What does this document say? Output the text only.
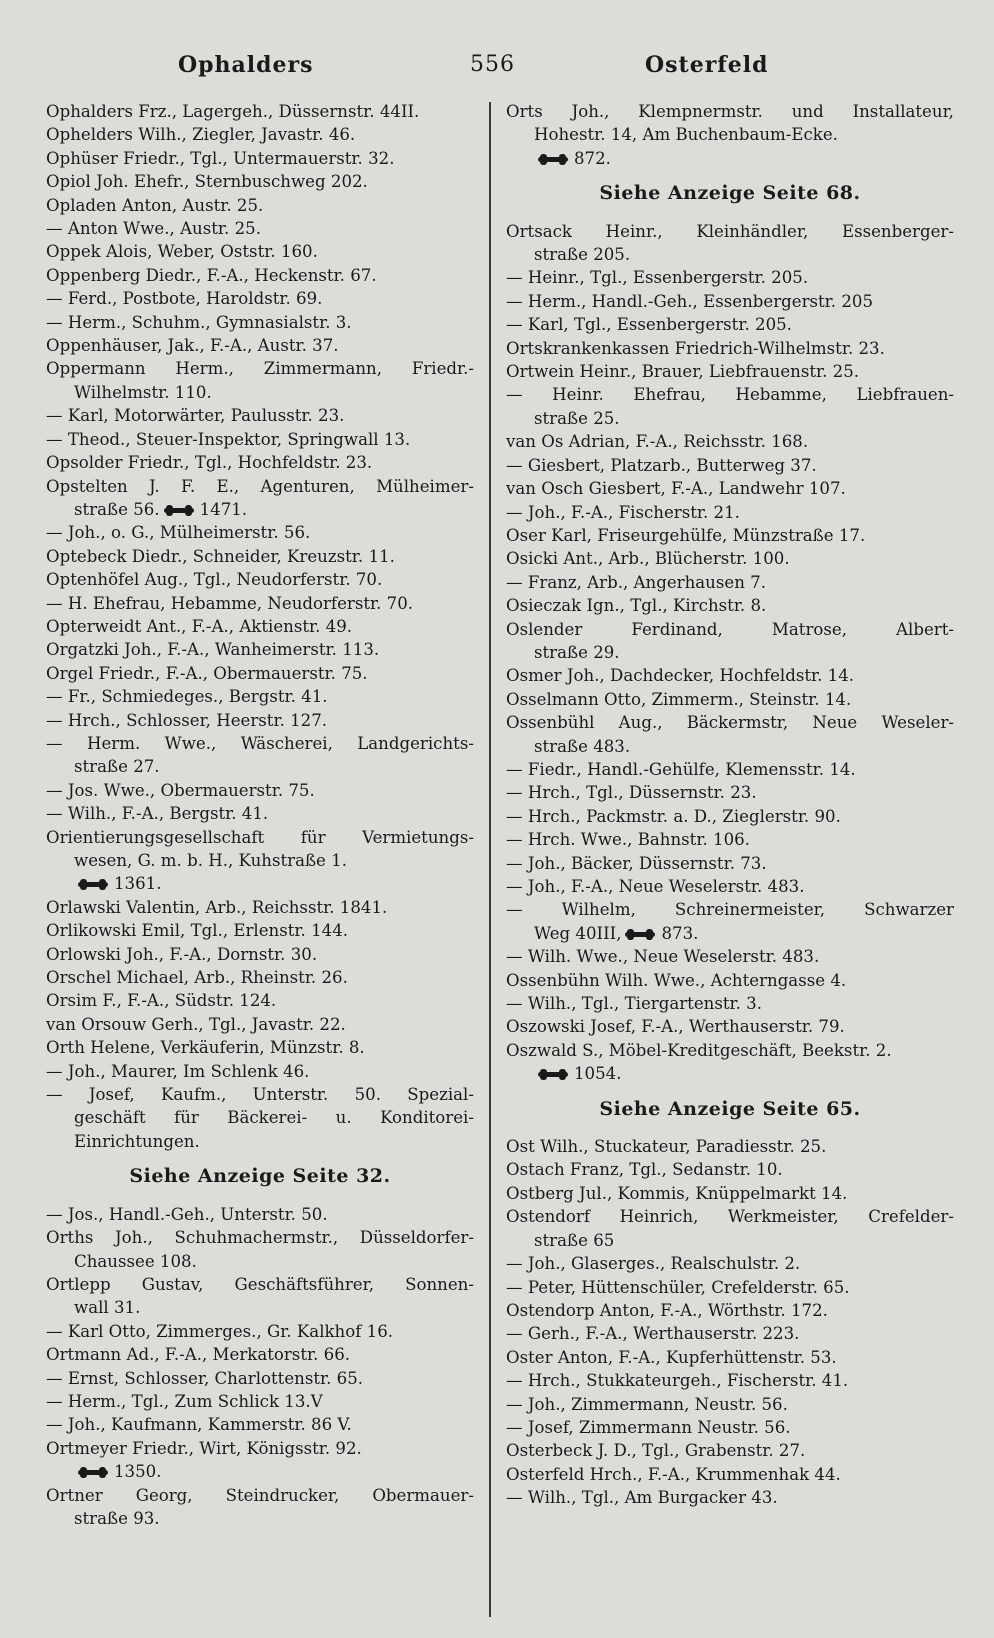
Ophalders	556	Osterfeld
Ophalders Frz., Lagergeh., Düssernstr. 44II.
Ophelders Wilh., Ziegler, Javastr. 46.
Ophüser Friedr., Tgl., Untermauerstr. 32.
Opiol Joh. Ehefr., Sternbuschweg 202.
Opladen Anton, Austr. 25.
— Anton Wwe., Austr. 25.
Oppek Alois, Weber, Oststr. 160.
Oppenberg Diedr., F.-A., Heckenstr. 67.
— Ferd., Postbote, Haroldstr. 69.
— Herm., Schuhm., Gymnasialstr. 3.
Oppenhäuser, Jak., F.-A., Austr. 37.
Oppermann Herm., Zimmermann, Friedr.-
Wilhelmstr. 110.
— Karl, Motorwärter, Paulusstr. 23.
— Theod., Steuer-Inspektor, Springwall 13.
Opsolder Friedr., Tgl., Hochfeldstr. 23.
Opstelten J. F. E., Agenturen, Mülheimer-
straße 56. 1471.
— Joh., o. G., Mülheimerstr. 56.
Optebeck Diedr., Schneider, Kreuzstr. 11.
Optenhöfel Aug., Tgl., Neudorferstr. 70.
— H. Ehefrau, Hebamme, Neudorferstr. 70.
Opterweidt Ant., F.-A., Aktienstr. 49.
Orgatzki Joh., F.-A., Wanheimerstr. 113.
Orgel Friedr., F.-A., Obermauerstr. 75.
— Fr., Schmiedeges., Bergstr. 41.
— Hrch., Schlosser, Heerstr. 127.
— Herm. Wwe., Wäscherei, Landgerichts-
straße 27.
— Jos. Wwe., Obermauerstr. 75.
— Wilh., F.-A., Bergstr. 41.
Orientierungsgesellschaft für Vermietungs-
wesen, G. m. b. H., Kuhstraße 1.
1361.
Orlawski Valentin, Arb., Reichsstr. 1841.
Orlikowski Emil, Tgl., Erlenstr. 144.
Orlowski Joh., F.-A., Dornstr. 30.
Orschel Michael, Arb., Rheinstr. 26.
Orsim F., F.-A., Südstr. 124.
van Orsouw Gerh., Tgl., Javastr. 22.
Orth Helene, Verkäuferin, Münzstr. 8.
— Joh., Maurer, Im Schlenk 46.
— Josef, Kaufm., Unterstr. 50. Spezial-
geschäft für Bäckerei- u. Konditorei-
Einrichtungen.
Siehe Anzeige Seite 32.
— Jos., Handl.-Geh., Unterstr. 50.
Orths Joh., Schuhmachermstr., Düsseldorfer-
Chaussee 108.
Ortlepp Gustav, Geschäftsführer, Sonnen-
wall 31.
— Karl Otto, Zimmerges., Gr. Kalkhof 16.
Ortmann Ad., F.-A., Merkatorstr. 66.
— Ernst, Schlosser, Charlottenstr. 65.
— Herm., Tgl., Zum Schlick 13.V
— Joh., Kaufmann, Kammerstr. 86 V.
Ortmeyer Friedr., Wirt, Königsstr. 92.
1350.
Ortner Georg, Steindrucker, Obermauer-
straße 93.
Orts Joh., Klempnermstr. und Installateur,
Hohestr. 14, Am Buchenbaum-Ecke.
872.
Siehe Anzeige Seite 68.
Ortsack Heinr., Kleinhändler, Essenberger-
straße 205.
— Heinr., Tgl., Essenbergerstr. 205.
— Herm., Handl.-Geh., Essenbergerstr. 205
— Karl, Tgl., Essenbergerstr. 205.
Ortskrankenkassen Friedrich-Wilhelmstr. 23.
Ortwein Heinr., Brauer, Liebfrauenstr. 25.
— Heinr. Ehefrau, Hebamme, Liebfrauen-
straße 25.
van Os Adrian, F.-A., Reichsstr. 168.
— Giesbert, Platzarb., Butterweg 37.
van Osch Giesbert, F.-A., Landwehr 107.
— Joh., F.-A., Fischerstr. 21.
Oser Karl, Friseurgehülfe, Münzstraße 17.
Osicki Ant., Arb., Blücherstr. 100.
— Franz, Arb., Angerhausen 7.
Osieczak Ign., Tgl., Kirchstr. 8.
Oslender	Ferdinand,	Matrose,	Albert-
straße 29.
Osmer Joh., Dachdecker, Hochfeldstr. 14.
Osselmann Otto, Zimmerm., Steinstr. 14.
Ossenbühl Aug., Bäckermstr, Neue Weseler-
straße 483.
— Fiedr., Handl.-Gehülfe, Klemensstr. 14.
— Hrch., Tgl., Düssernstr. 23.
— Hrch., Packmstr. a. D., Zieglerstr. 90.
— Hrch. Wwe., Bahnstr. 106.
— Joh., Bäcker, Düssernstr. 73.
— Joh., F.-A., Neue Weselerstr. 483.
— Wilhelm, Schreinermeister, Schwarzer
Weg 40III, 873.
— Wilh. Wwe., Neue Weselerstr. 483.
Ossenbühn Wilh. Wwe., Achterngasse 4.
— Wilh., Tgl., Tiergartenstr. 3.
Oszowski Josef, F.-A., Werthauserstr. 79.
Oszwald S., Möbel-Kreditgeschäft, Beekstr. 2.
1054.
Siehe Anzeige Seite 65.
Ost Wilh., Stuckateur, Paradiesstr. 25.
Ostach Franz, Tgl., Sedanstr. 10.
Ostberg Jul., Kommis, Knüppelmarkt 14.
Ostendorf Heinrich, Werkmeister, Crefelder-
straße 65
— Joh., Glaserges., Realschulstr. 2.
— Peter, Hüttenschüler, Crefelderstr. 65.
Ostendorp Anton, F.-A., Wörthstr. 172.
— Gerh., F.-A., Werthauserstr. 223.
Oster Anton, F.-A., Kupferhüttenstr. 53.
— Hrch., Stukkateurgeh., Fischerstr. 41.
— Joh., Zimmermann, Neustr. 56.
— Josef, Zimmermann Neustr. 56.
Osterbeck J. D., Tgl., Grabenstr. 27.
Osterfeld Hrch., F.-A., Krummenhak 44.
— Wilh., Tgl., Am Burgacker 43.
